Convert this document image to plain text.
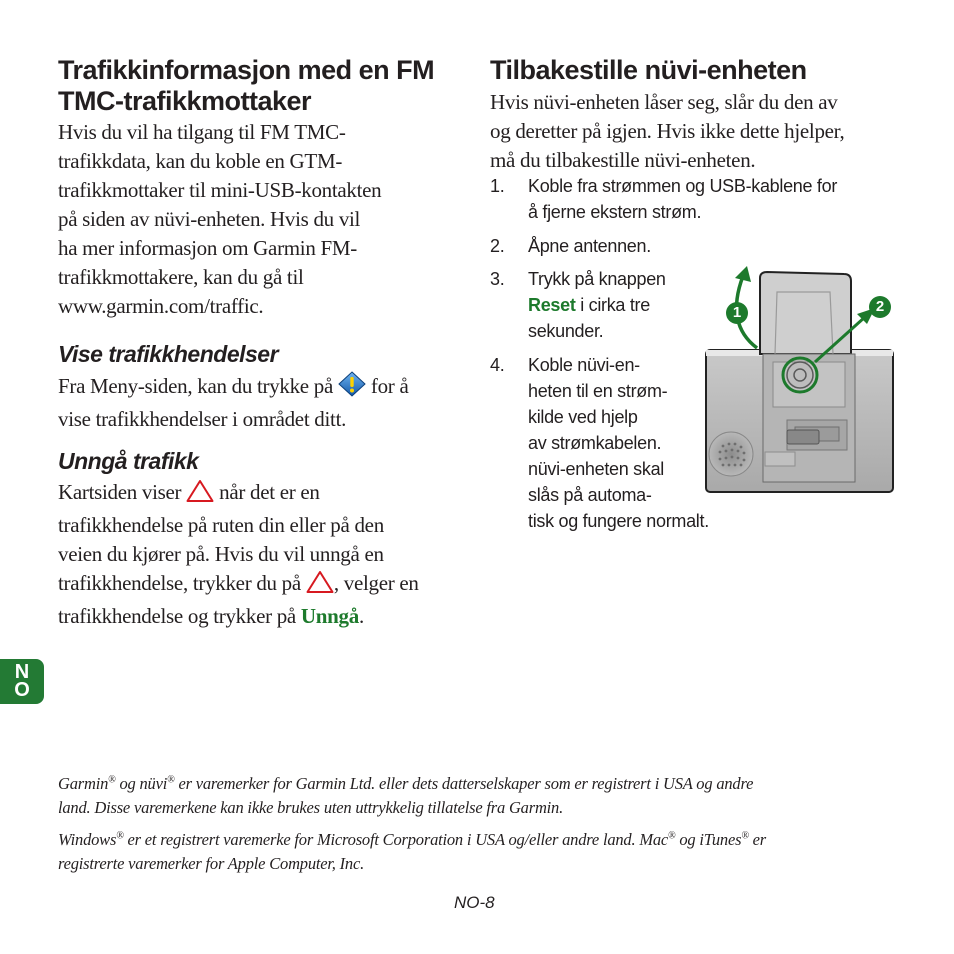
Trafikkinformasjon med en FM
TMC-trafikkmottaker
Hvis du vil ha tilgang til FM TMC-
trafikkdata, kan du koble en GTM-
trafikkmottaker til mini-USB-kontakten
på siden av nüvi-enheten. Hvis du vil
ha mer informasjon om Garmin FM-
trafikkmottakere, kan du gå til
www.garmin.com/traffic.
Vise trafikkhendelser
Fra Meny-siden, kan du trykke på for å
vise trafikkhendelser i området ditt.
Unngå trafikk
Kartsiden viser når det er en
trafikkhendelse på ruten din eller på den
veien du kjører på. Hvis du vil unngå en
trafikkhendelse, trykker du på , velger en
trafikkhendelse og trykker på Unngå.
Tilbakestille nüvi-enheten
Hvis nüvi-enheten låser seg, slår du den av
og deretter på igjen. Hvis ikke dette hjelper,
må du tilbakestille nüvi-enheten.
1.	Koble fra strømmen og USB-kablene for
å fjerne ekstern strøm.
2.	Åpne antennen.
3.	Trykk på knappen
Reset i cirka tre
sekunder.
4.	Koble nüvi-en-
heten til en strøm-
kilde ved hjelp
av strømkabelen.
nüvi-enheten skal
slås på automa-
tisk og fungere normalt.
1	2
N
O
Garmin® og nüvi® er varemerker for Garmin Ltd. eller dets datterselskaper som er registrert i USA og andre
land. Disse varemerkene kan ikke brukes uten uttrykkelig tillatelse fra Garmin.
Windows® er et registrert varemerke for Microsoft Corporation i USA og/eller andre land. Mac® og iTunes® er
registrerte varemerker for Apple Computer, Inc.
NO-8
